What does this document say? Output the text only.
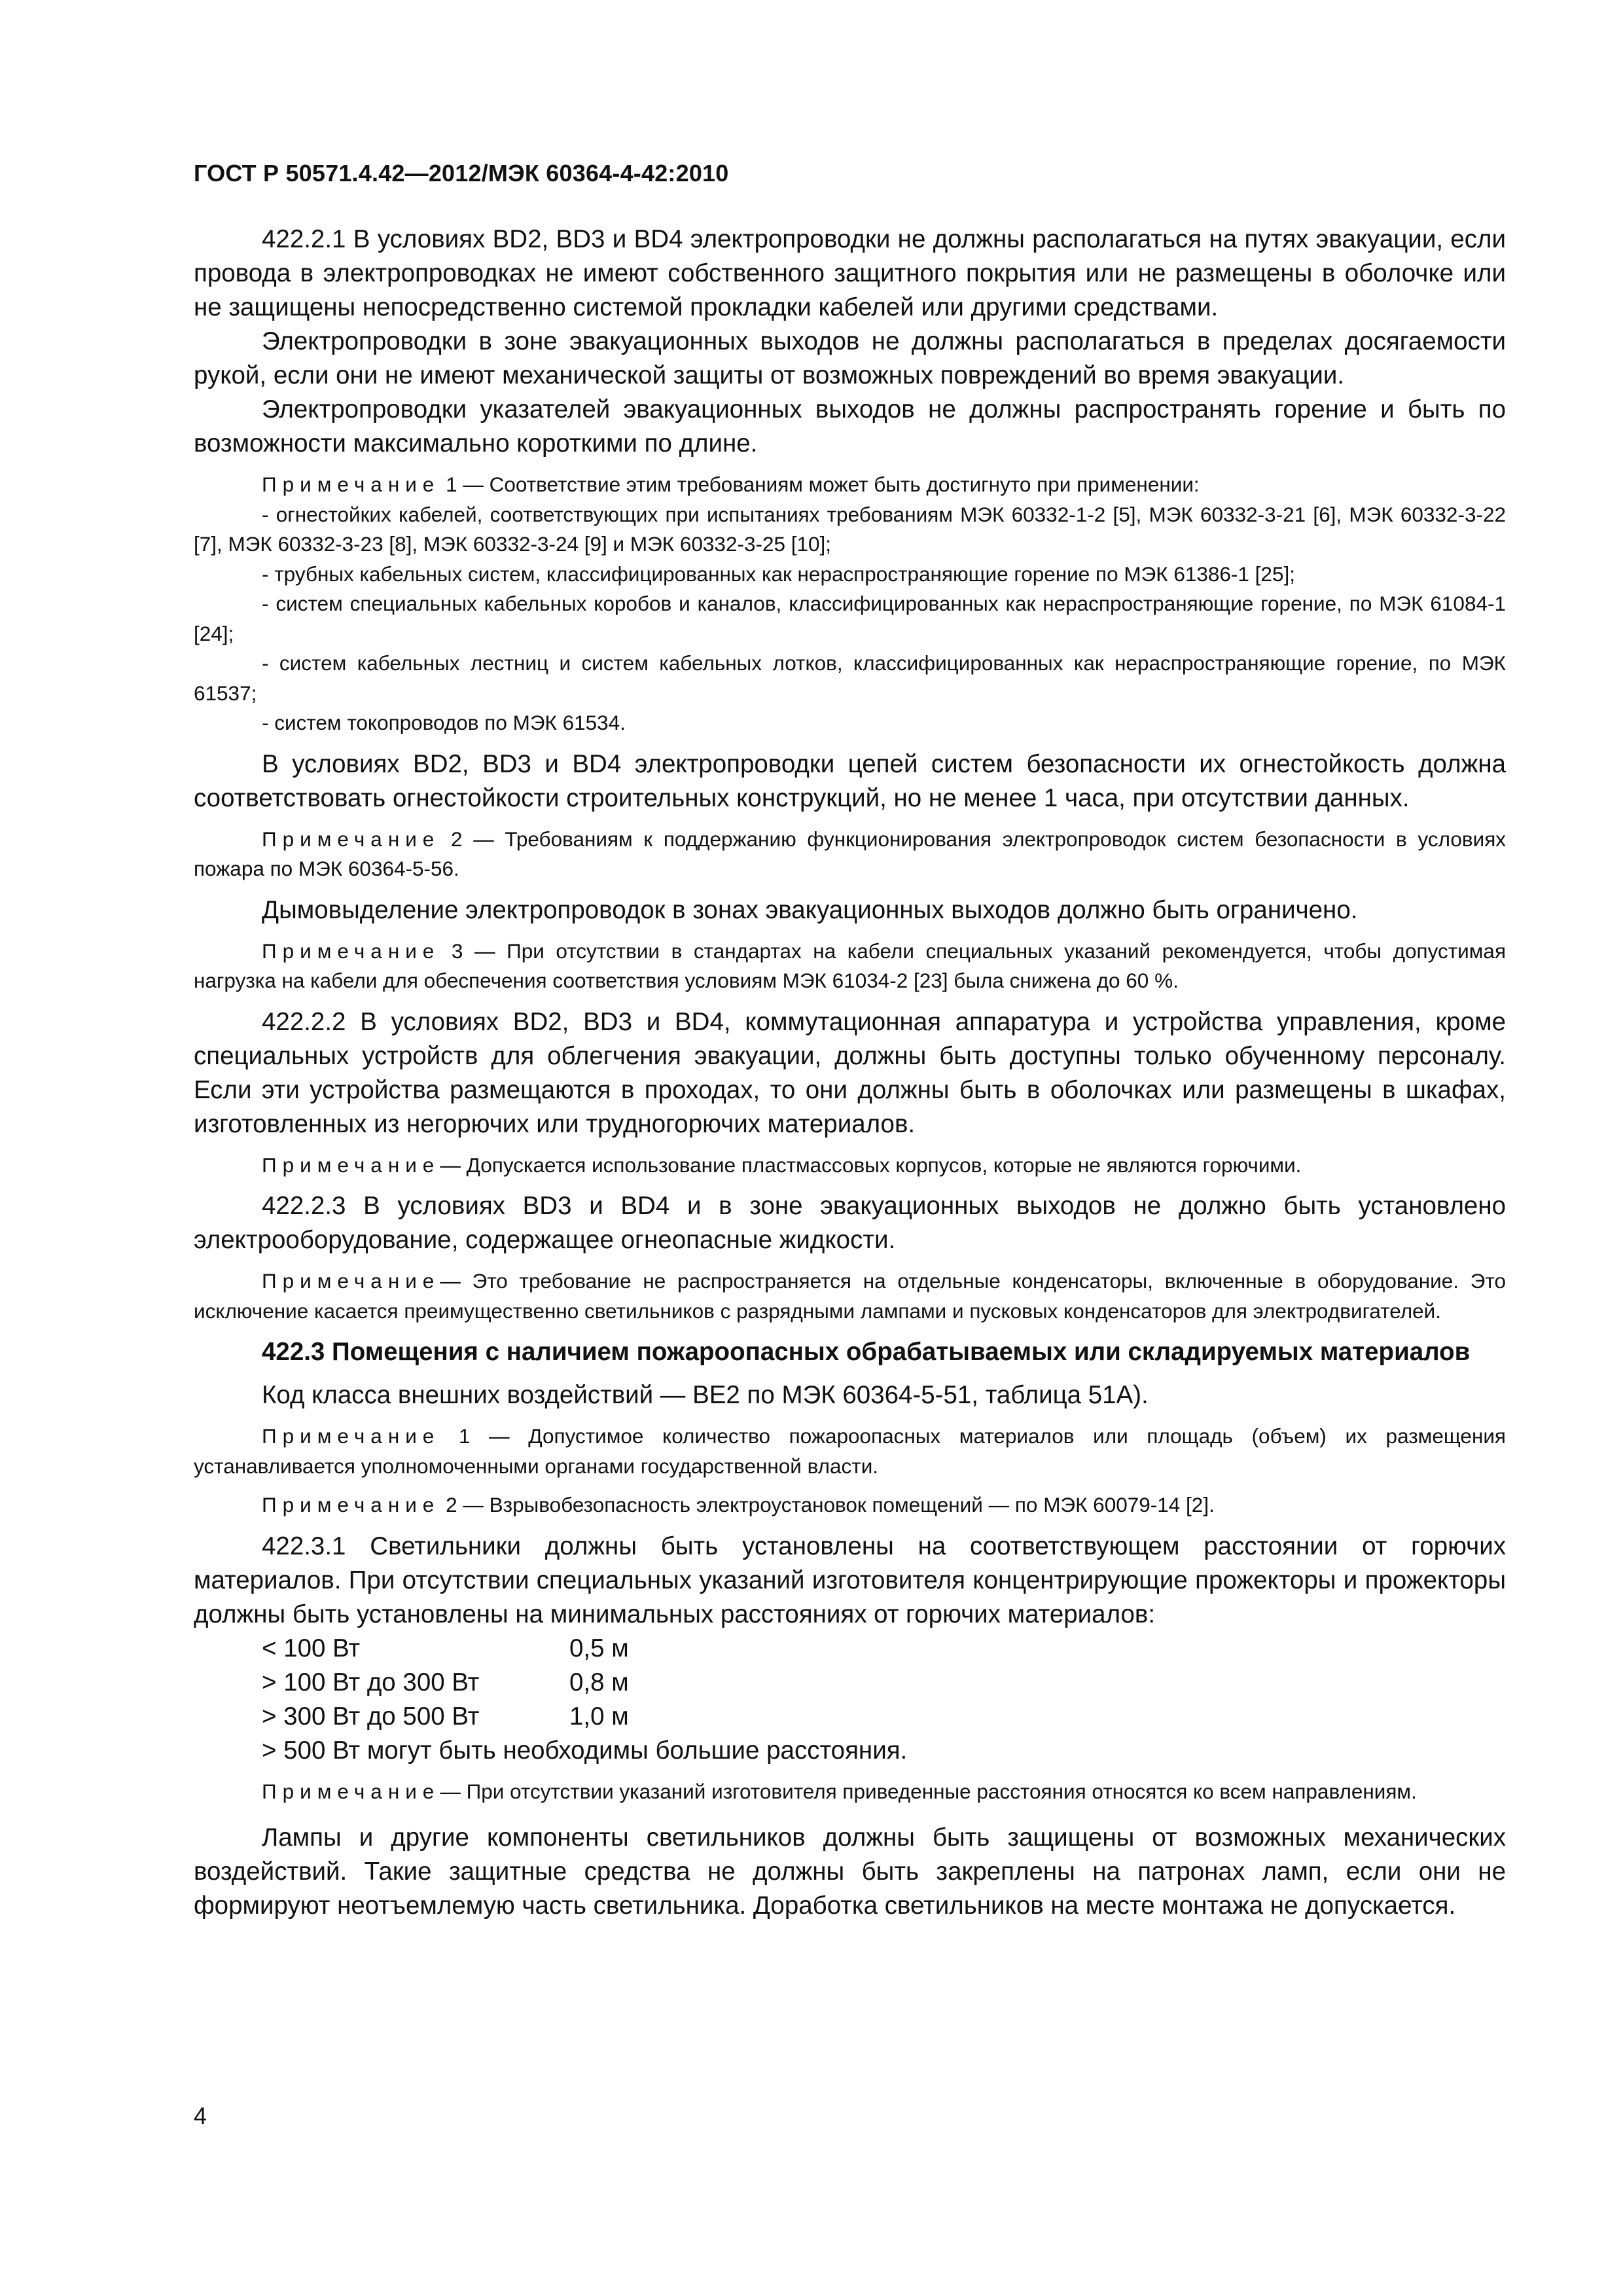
ГОСТ Р 50571.4.42—2012/МЭК 60364-4-42:2010

422.2.1 В условиях BD2, BD3 и BD4 электропроводки не должны располагаться на путях эвакуации, если провода в электропроводках не имеют собственного защитного покрытия или не размещены в оболочке или не защищены непосредственно системой прокладки кабелей или другими средствами.

Электропроводки в зоне эвакуационных выходов не должны располагаться в пределах досягаемости рукой, если они не имеют механической защиты от возможных повреждений во время эвакуации.

Электропроводки указателей эвакуационных выходов не должны распространять горение и быть по возможности максимально короткими по длине.

Примечание 1 — Соответствие этим требованиям может быть достигнуто при применении:

- огнестойких кабелей, соответствующих при испытаниях требованиям МЭК 60332-1-2 [5], МЭК 60332-3-21 [6], МЭК 60332-3-22 [7], МЭК 60332-3-23 [8], МЭК 60332-3-24 [9] и МЭК 60332-3-25 [10];

- трубных кабельных систем, классифицированных как нераспространяющие горение по МЭК 61386-1 [25];

- систем специальных кабельных коробов и каналов, классифицированных как нераспространяющие горение, по МЭК 61084-1 [24];

- систем кабельных лестниц и систем кабельных лотков, классифицированных как нераспространяющие горение, по МЭК 61537;

- систем токопроводов по МЭК 61534.

В условиях BD2, BD3 и BD4 электропроводки цепей систем безопасности их огнестойкость должна соответствовать огнестойкости строительных конструкций, но не менее 1 часа, при отсутствии данных.

Примечание 2 — Требованиям к поддержанию функционирования электропроводок систем безопасности в условиях пожара по МЭК 60364-5-56.

Дымовыделение электропроводок в зонах эвакуационных выходов должно быть ограничено.

Примечание 3 — При отсутствии в стандартах на кабели специальных указаний рекомендуется, чтобы допустимая нагрузка на кабели для обеспечения соответствия условиям МЭК 61034-2 [23] была снижена до 60 %.

422.2.2 В условиях BD2, BD3 и BD4, коммутационная аппаратура и устройства управления, кроме специальных устройств для облегчения эвакуации, должны быть доступны только обученному персоналу. Если эти устройства размещаются в проходах, то они должны быть в оболочках или размещены в шкафах, изготовленных из негорючих или трудногорючих материалов.

Примечание— Допускается использование пластмассовых корпусов, которые не являются горючими.

422.2.3 В условиях BD3 и BD4 и в зоне эвакуационных выходов не должно быть установлено электрооборудование, содержащее огнеопасные жидкости.

Примечание— Это требование не распространяется на отдельные конденсаторы, включенные в оборудование. Это исключение касается преимущественно светильников с разрядными лампами и пусковых конденсаторов для электродвигателей.

422.3 Помещения с наличием пожароопасных обрабатываемых или складируемых материалов

Код класса внешних воздействий — BE2 по МЭК 60364-5-51, таблица 51А).

Примечание 1 — Допустимое количество пожароопасных материалов или площадь (объем) их размещения устанавливается уполномоченными органами государственной власти.

Примечание 2 — Взрывобезопасность электроустановок помещений — по МЭК 60079-14 [2].

422.3.1 Светильники должны быть установлены на соответствующем расстоянии от горючих материалов. При отсутствии специальных указаний изготовителя концентрирующие прожекторы и прожекторы должны быть установлены на минимальных расстояниях от горючих материалов:

< 100 Вт	0,5 м
> 100 Вт до 300 Вт	0,8 м
> 300 Вт до 500 Вт	1,0 м
> 500 Вт могут быть необходимы большие расстояния.

Примечание— При отсутствии указаний изготовителя приведенные расстояния относятся ко всем направлениям.

Лампы и другие компоненты светильников должны быть защищены от возможных механических воздействий. Такие защитные средства не должны быть закреплены на патронах ламп, если они не формируют неотъемлемую часть светильника. Доработка светильников на месте монтажа не допускается.

4
